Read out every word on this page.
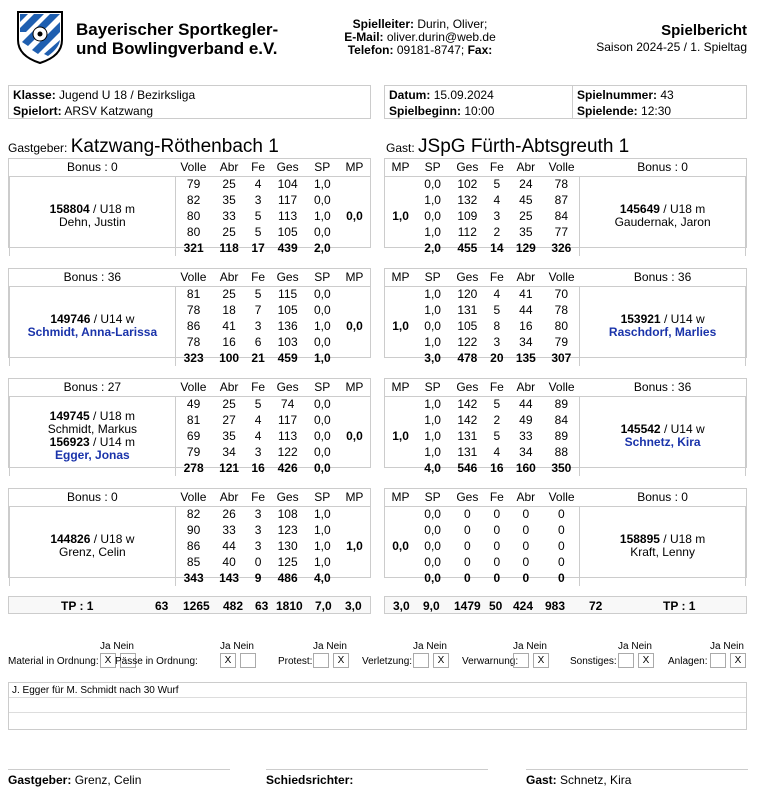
Bayerischer Sportkegler-
und Bowlingverband e.V.
Spielleiter: Durin, Oliver;
E-Mail: oliver.durin@web.de
Telefon: 09181-8747; Fax:
Spielbericht
Saison 2024-25 / 1. Spieltag
Klasse: Jugend U 18 / Bezirksliga
Spielort: ARSV Katzwang
Datum: 15.09.2024
Spielbeginn: 10:00
Spielnummer: 43
Spielende: 12:30
Gastgeber: Katzwang-Röthenbach 1	Gast: JSpG Fürth-Abtsgreuth 1
Bonus : 0	Volle	Abr	Fe	Ges	SP	MP

158804 / U18 m
Dehn, Justin	79	25	4	104	1,0	0,0
	82	35	3	117	0,0	
	80	33	5	113	1,0	
	80	25	5	105	0,0	
	321	118	17	439	2,0	
MP	SP	Ges	Fe	Abr	Volle	Bonus : 0
1,0	0,0	102	5	24	78	145649 / U18 m
Gaudernak, Jaron

	1,0	132	4	45	87	
	0,0	109	3	25	84	
	1,0	112	2	35	77	
	2,0	455	14	129	326	
Bonus : 36	Volle	Abr	Fe	Ges	SP	MP

149746 / U14 w
Schmidt, Anna-Larissa	81	25	5	115	0,0	0,0
	78	18	7	105	0,0	
	86	41	3	136	1,0	
	78	16	6	103	0,0	
	323	100	21	459	1,0	
MP	SP	Ges	Fe	Abr	Volle	Bonus : 36
1,0	1,0	120	4	41	70	153921 / U14 w
Raschdorf, Marlies

	1,0	131	5	44	78	
	0,0	105	8	16	80	
	1,0	122	3	34	79	
	3,0	478	20	135	307	
Bonus : 27	Volle	Abr	Fe	Ges	SP	MP

149745 / U18 m
Schmidt, Markus
156923 / U14 m
Egger, Jonas	49	25	5	74	0,0	0,0
	81	27	4	117	0,0	
	69	35	4	113	0,0	
	79	34	3	122	0,0	
	278	121	16	426	0,0	
MP	SP	Ges	Fe	Abr	Volle	Bonus : 36
1,0	1,0	142	5	44	89	145542 / U14 w
Schnetz, Kira

	1,0	142	2	49	84	
	1,0	131	5	33	89	
	1,0	131	4	34	88	
	4,0	546	16	160	350	
Bonus : 0	Volle	Abr	Fe	Ges	SP	MP

144826 / U18 w
Grenz, Celin	82	26	3	108	1,0	1,0
	90	33	3	123	1,0	
	86	44	3	130	1,0	
	85	40	0	125	1,0	
	343	143	9	486	4,0	
MP	SP	Ges	Fe	Abr	Volle	Bonus : 0
0,0	0,0	0	0	0	0	158895 / U18 m
Kraft, Lenny

	0,0	0	0	0	0	
	0,0	0	0	0	0	
	0,0	0	0	0	0	
	0,0	0	0	0	0	
TP : 1	63 1265 482 63 1810 7,0 3,0	3,0 9,0 1479 50 424 983 72	TP : 1
Ja Nein
Material in Ordnung: X
Ja Nein
Pässe in Ordnung:	X
Ja Nein
Protest:	X
Ja Nein
Verletzung:	X
Ja Nein
Verwarnung:	X
Ja Nein
Sonstiges:	X
Ja Nein
Anlagen:	X
J. Egger für M. Schmidt nach 30 Wurf
Gastgeber: Grenz, Celin	Schiedsrichter:	Gast: Schnetz, Kira
